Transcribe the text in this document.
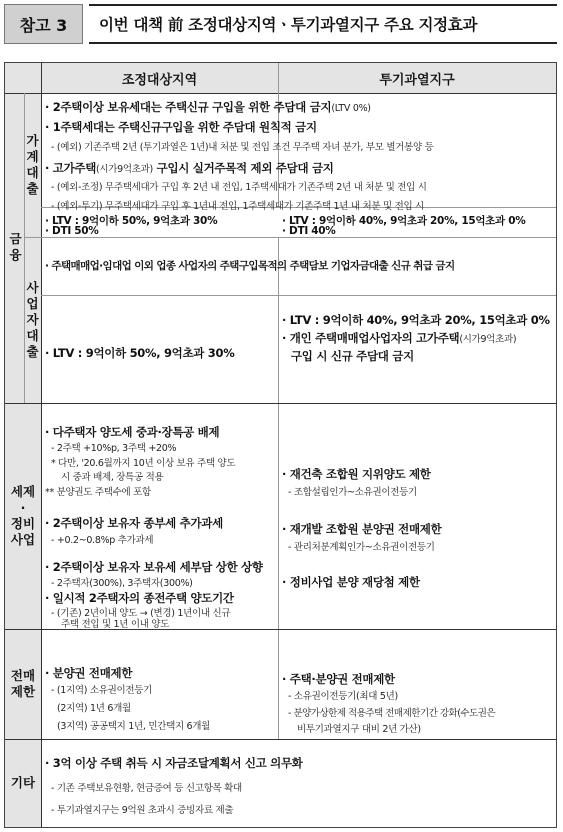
참고 3	이번 대책 前 조정대상지역ㆍ투기과열지구 주요 지정효과
조정대상지역	투기과열지구
금융
가
계
대
출
사
업
자
대
출
세제
·
정비
사업
전매
제한
기타
· 2주택이상 보유세대는 주택신규 구입을 위한 주담대 금지(LTV 0%)
· 1주택세대는 주택신규구입을 위한 주담대 원칙적 금지
- (예외) 기존주택 2년 (투기과열은 1년)내 처분 및 전입 조건 무주택 자녀 분가, 부모 별거봉양 등
· 고가주택(시가9억초과) 구입시 실거주목적 제외 주담대 금지
- (예외-조정) 무주택세대가 구입 후 2년 내 전입, 1주택세대가 기존주택 2년 내 처분 및 전입 시
- (예외-투기) 무주택세대가 구입 후 1년내 전입, 1주택세대가 기존주택 1년 내 처분 및 전입 시
· LTV : 9억이하 50%, 9억초과 30%
· DTI 50%
· LTV : 9억이하 40%, 9억초과 20%, 15억초과 0%
· DTI 40%
· 주택매매업·임대업 이외 업종 사업자의 주택구입목적의 주택담보 기업자금대출 신규 취급 금지
· LTV : 9억이하 50%, 9억초과 30%
· LTV : 9억이하 40%, 9억초과 20%, 15억초과 0%
· 개인 주택매매업사업자의 고가주택(시가9억초과)
구입 시 신규 주담대 금지
· 다주택자 양도세 중과·장특공 배제
- 2주택 +10%p, 3주택 +20%
* 다만, '20.6월까지 10년 이상 보유 주택 양도
시 중과 배제, 장특공 적용
** 분양권도 주택수에 포함
· 2주택이상 보유자 종부세 추가과세
- +0.2~0.8%p 추가과세
· 2주택이상 보유자 보유세 세부담 상한 상향
- 2주택자(300%), 3주택자(300%)
· 일시적 2주택자의 종전주택 양도기간
- (기존) 2년이내 양도 → (변경) 1년이내 신규
주택 전입 및 1년 이내 양도
· 재건축 조합원 지위양도 제한
- 조합설립인가~소유권이전등기
· 재개발 조합원 분양권 전매제한
- 관리처분계획인가~소유권이전등기
· 정비사업 분양 재당첨 제한
· 분양권 전매제한
- (1지역) 소유권이전등기
(2지역) 1년 6개월
(3지역) 공공택지 1년, 민간택지 6개월
· 주택·분양권 전매제한
- 소유권이전등기(최대 5년)
- 분양가상한제 적용주택 전매제한기간 강화(수도권은
비투기과열지구 대비 2년 가산)
· 3억 이상 주택 취득 시 자금조달계획서 신고 의무화
- 기존 주택보유현황, 현금증여 등 신고항목 확대
- 투기과열지구는 9억원 초과시 증빙자료 제출
